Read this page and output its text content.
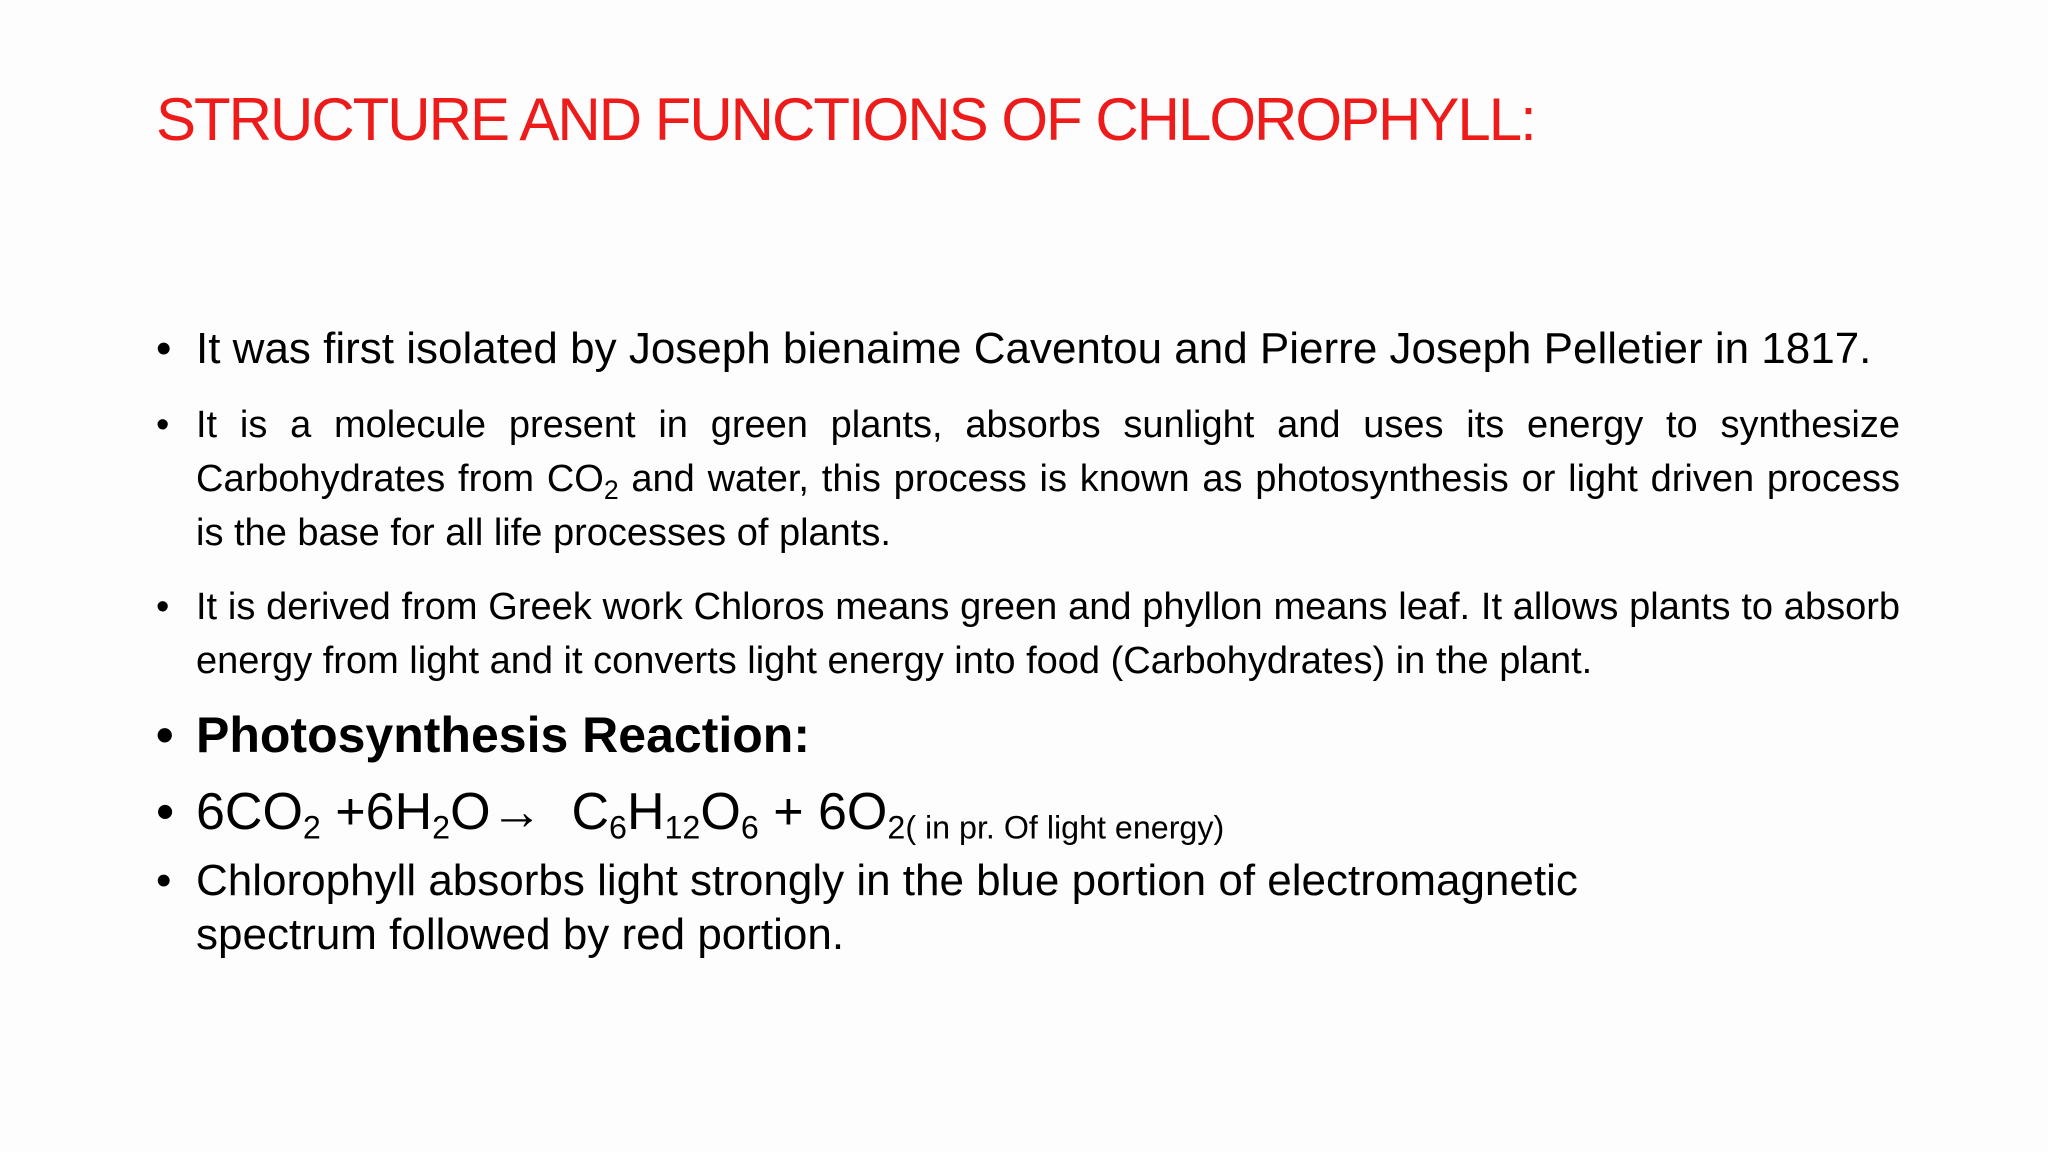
STRUCTURE AND FUNCTIONS OF CHLOROPHYLL:
• It was first isolated by Joseph bienaime Caventou and Pierre Joseph Pelletier in 1817.
• It is a molecule present in green plants, absorbs sunlight and uses its energy to synthesize Carbohydrates from $CO_2$ and water, this process is known as photosynthesis or light driven process is the base for all life processes of plants.
• It is derived from Greek work Chloros means green and phyllon means leaf. It allows plants to absorb energy from light and it converts light energy into food (Carbohydrates) in the plant.
• Photosynthesis Reaction:
• $6CO_2 +6H_2O\to C_6H_{12}O_6 + 6O2$( in pr. Of light energy)
• Chlorophyll absorbs light strongly in the blue portion of electromagnetic spectrum followed by red portion.
